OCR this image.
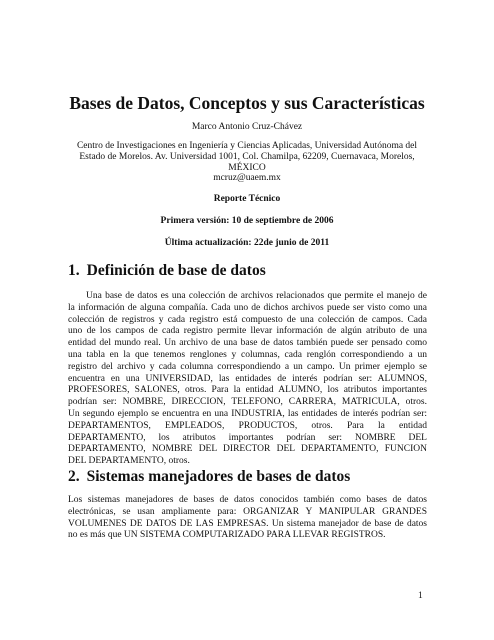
Bases de Datos, Conceptos y sus Características
Marco Antonio Cruz-Chávez
Centro de Investigaciones en Ingeniería y Ciencias Aplicadas, Universidad Autónoma del
Estado de Morelos. Av. Universidad 1001, Col. Chamilpa, 62209, Cuernavaca, Morelos,
MÉXICO
mcruz@uaem.mx
Reporte Técnico
Primera versión: 10 de septiembre de 2006
Última actualización: 22de junio de 2011
1. Definición de base de datos
Una base de datos es una colección de archivos relacionados que permite el manejo de
la información de alguna compañía. Cada uno de dichos archivos puede ser visto como una
colección de registros y cada registro está compuesto de una colección de campos. Cada
uno de los campos de cada registro permite llevar información de algún atributo de una
entidad del mundo real. Un archivo de una base de datos también puede ser pensado como
una tabla en la que tenemos renglones y columnas, cada renglón correspondiendo a un
registro del archivo y cada columna correspondiendo a un campo. Un primer ejemplo se
encuentra en una UNIVERSIDAD, las entidades de interés podrían ser: ALUMNOS,
PROFESORES, SALONES, otros. Para la entidad ALUMNO, los atributos importantes
podrían ser: NOMBRE, DIRECCION, TELEFONO, CARRERA, MATRICULA, otros.
Un segundo ejemplo se encuentra en una INDUSTRIA, las entidades de interés podrían ser:
DEPARTAMENTOS, EMPLEADOS, PRODUCTOS, otros. Para la entidad
DEPARTAMENTO, los atributos importantes podrían ser: NOMBRE DEL
DEPARTAMENTO, NOMBRE DEL DIRECTOR DEL DEPARTAMENTO, FUNCION
DEL DEPARTAMENTO, otros.
2. Sistemas manejadores de bases de datos
Los sistemas manejadores de bases de datos conocidos también como bases de datos
electrónicas, se usan ampliamente para: ORGANIZAR Y MANIPULAR GRANDES
VOLUMENES DE DATOS DE LAS EMPRESAS. Un sistema manejador de base de datos
no es más que UN SISTEMA COMPUTARIZADO PARA LLEVAR REGISTROS.
1
